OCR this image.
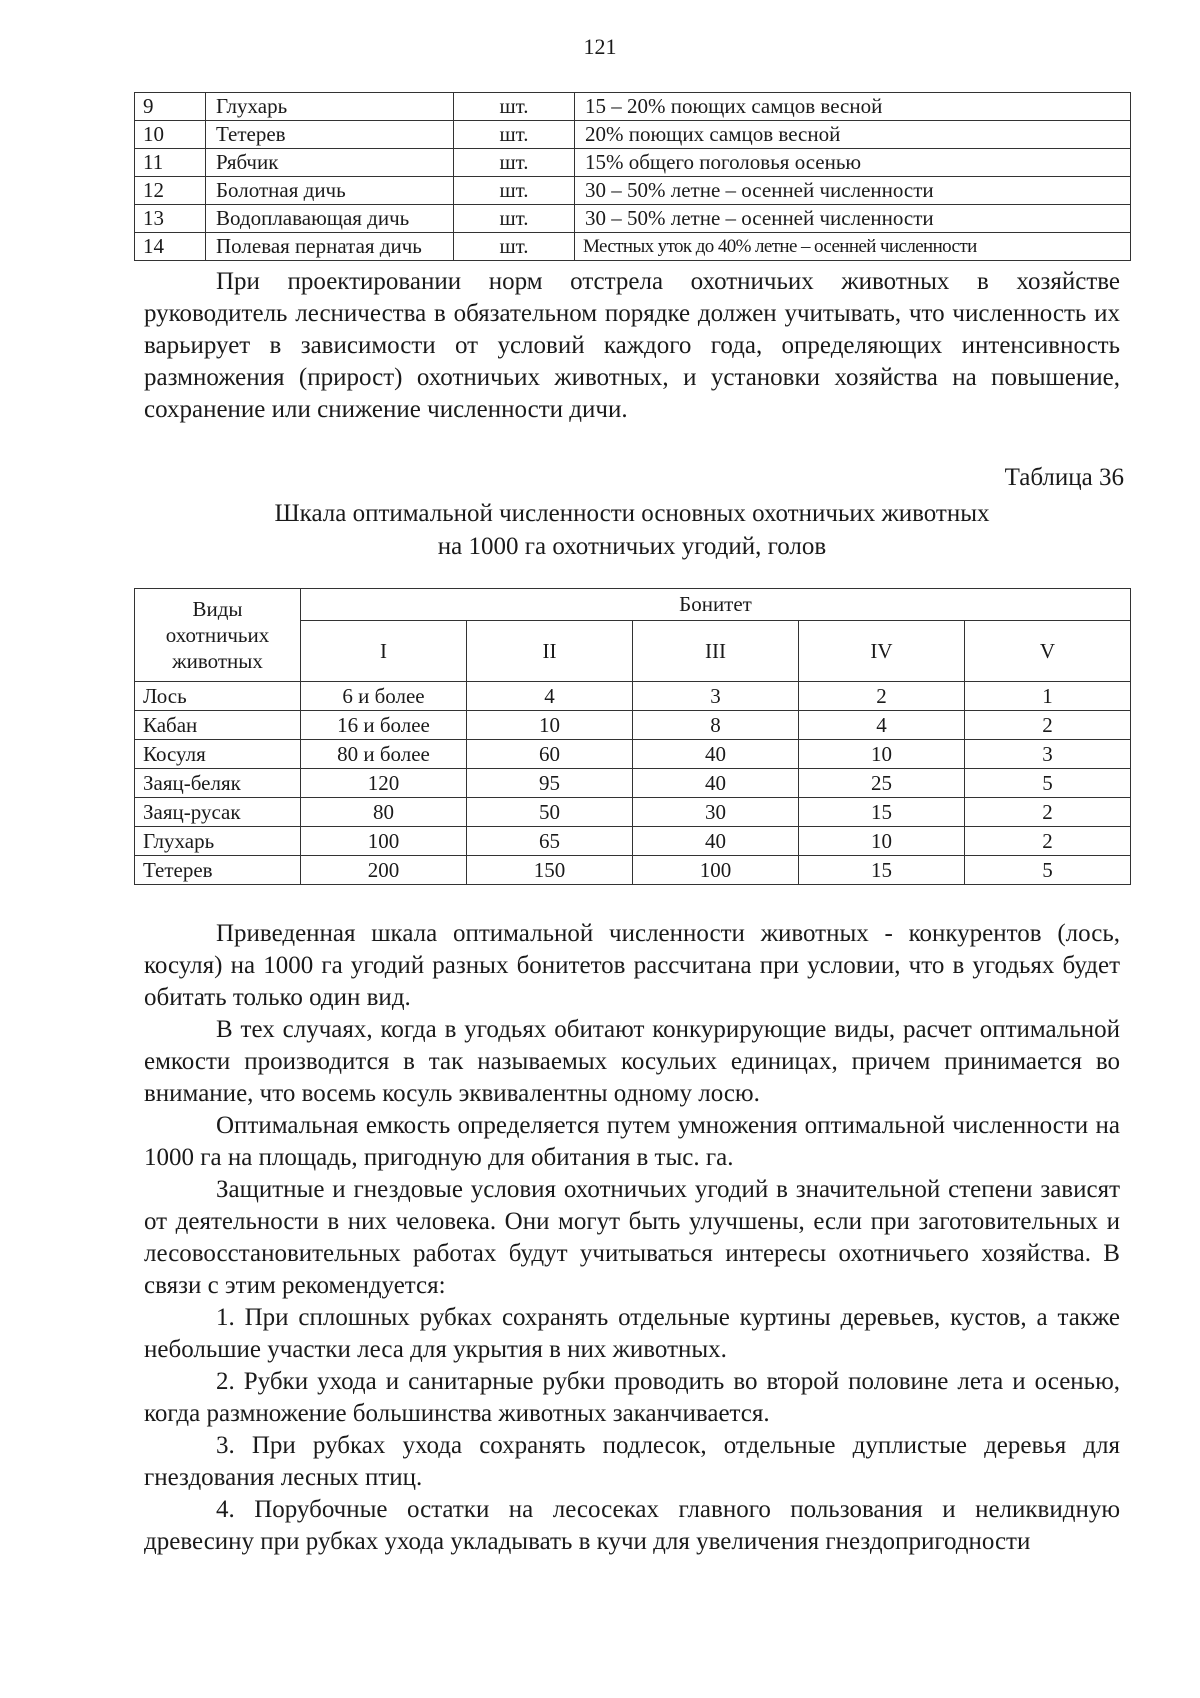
121
9	Глухарь	шт.	15 – 20% поющих самцов весной
10	Тетерев	шт.	20% поющих самцов весной
11	Рябчик	шт.	15% общего поголовья осенью
12	Болотная дичь	шт.	30 – 50% летне – осенней численности
13	Водоплавающая дичь	шт.	30 – 50% летне – осенней численности
14	Полевая пернатая дичь	шт.	Местных уток до 40% летне – осенней численности

При проектировании норм отстрела охотничьих животных в хозяйстве руководитель лесничества в обязательном порядке должен учитывать, что численность их варьирует в зависимости от условий каждого года, определяющих интенсивность размножения (прирост) охотничьих животных, и установки хозяйства на повышение, сохранение или снижение численности дичи.

Таблица 36
Шкала оптимальной численности основных охотничьих животных
на 1000 га охотничьих угодий, голов
Виды охотничьих животных	Бонитет				
	I	II	III	IV	V
Лось	6 и более	4	3	2	1
Кабан	16 и более	10	8	4	2
Косуля	80 и более	60	40	10	3
Заяц-беляк	120	95	40	25	5
Заяц-русак	80	50	30	15	2
Глухарь	100	65	40	10	2
Тетерев	200	150	100	15	5

Приведенная шкала оптимальной численности животных - конкурентов (лось, косуля) на 1000 га угодий разных бонитетов рассчитана при условии, что в угодьях будет обитать только один вид.

В тех случаях, когда в угодьях обитают конкурирующие виды, расчет оптимальной емкости производится в так называемых косульих единицах, причем принимается во внимание, что восемь косуль эквивалентны одному лосю.

Оптимальная емкость определяется путем умножения оптимальной численности на 1000 га на площадь, пригодную для обитания в тыс. га.

Защитные и гнездовые условия охотничьих угодий в значительной степени зависят от деятельности в них человека. Они могут быть улучшены, если при заготовительных и лесовосстановительных работах будут учитываться интересы охотничьего хозяйства. В связи с этим рекомендуется:

1. При сплошных рубках сохранять отдельные куртины деревьев, кустов, а также небольшие участки леса для укрытия в них животных.

2. Рубки ухода и санитарные рубки проводить во второй половине лета и осенью, когда размножение большинства животных заканчивается.

3. При рубках ухода сохранять подлесок, отдельные дуплистые деревья для гнездования лесных птиц.

4. Порубочные остатки на лесосеках главного пользования и неликвидную древесину при рубках ухода укладывать в кучи для увеличения гнездопригодности
